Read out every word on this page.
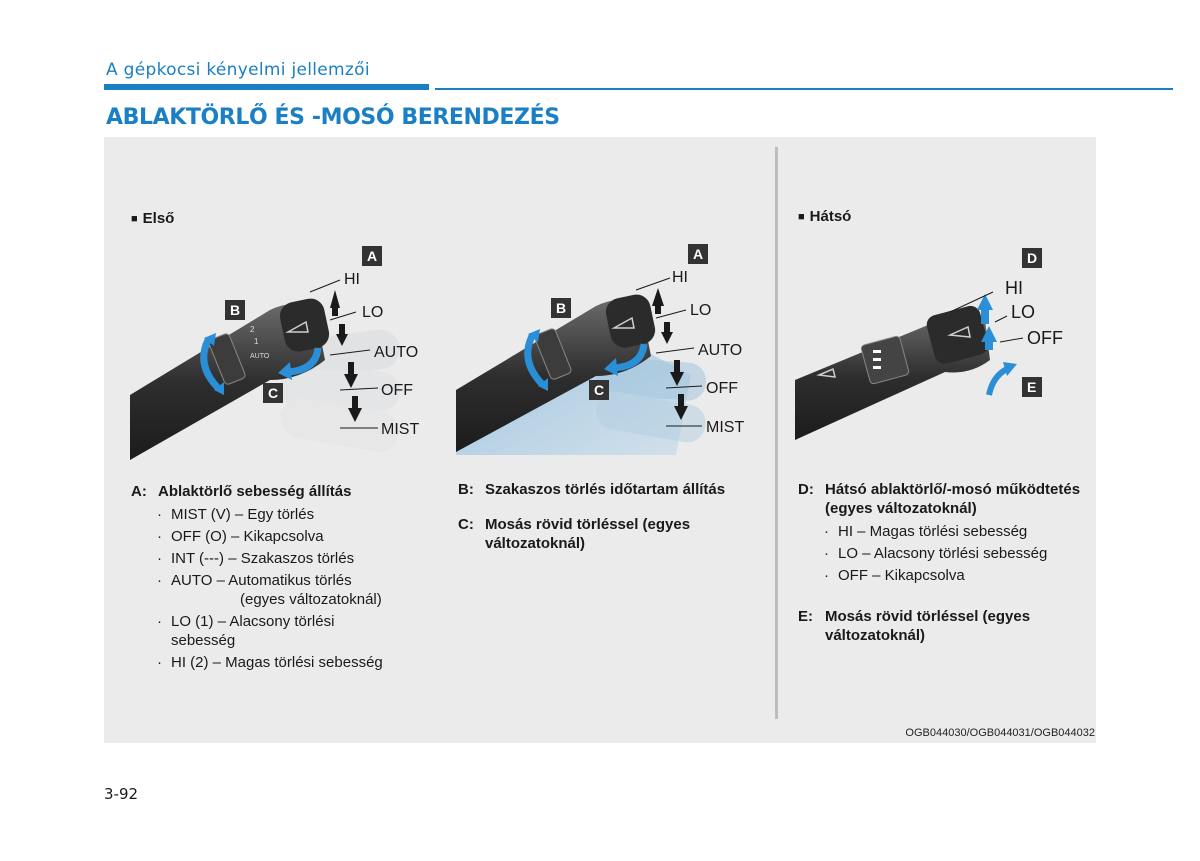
A gépkocsi kényelmi jellemzői
ABLAKTÖRLŐ ÉS -MOSÓ BERENDEZÉS
■ Első
2
1
AUTO
A
B
C
HI
LO
AUTO
OFF
MIST
A
B
C
HI
LO
AUTO
OFF
MIST
■ Hátsó
D
E
HI
LO
OFF
A: Ablaktörlő sebesség állítás
· MIST (V) – Egy törlés
· OFF (O) – Kikapcsolva
· INT (---) – Szakaszos törlés
· AUTO – Automatikus törlés
(egyes változatoknál)
· LO (1) – Alacsony törlési
sebesség
· HI (2) – Magas törlési sebesség
B: Szakaszos törlés időtartam állítás
C: Mosás rövid törléssel (egyes változatoknál)
D: Hátsó ablaktörlő/-mosó működtetés (egyes változatoknál)
· HI – Magas törlési sebesség
· LO – Alacsony törlési sebesség
· OFF – Kikapcsolva
E: Mosás rövid törléssel (egyes változatoknál)
OGB044030/OGB044031/OGB044032
3-92
